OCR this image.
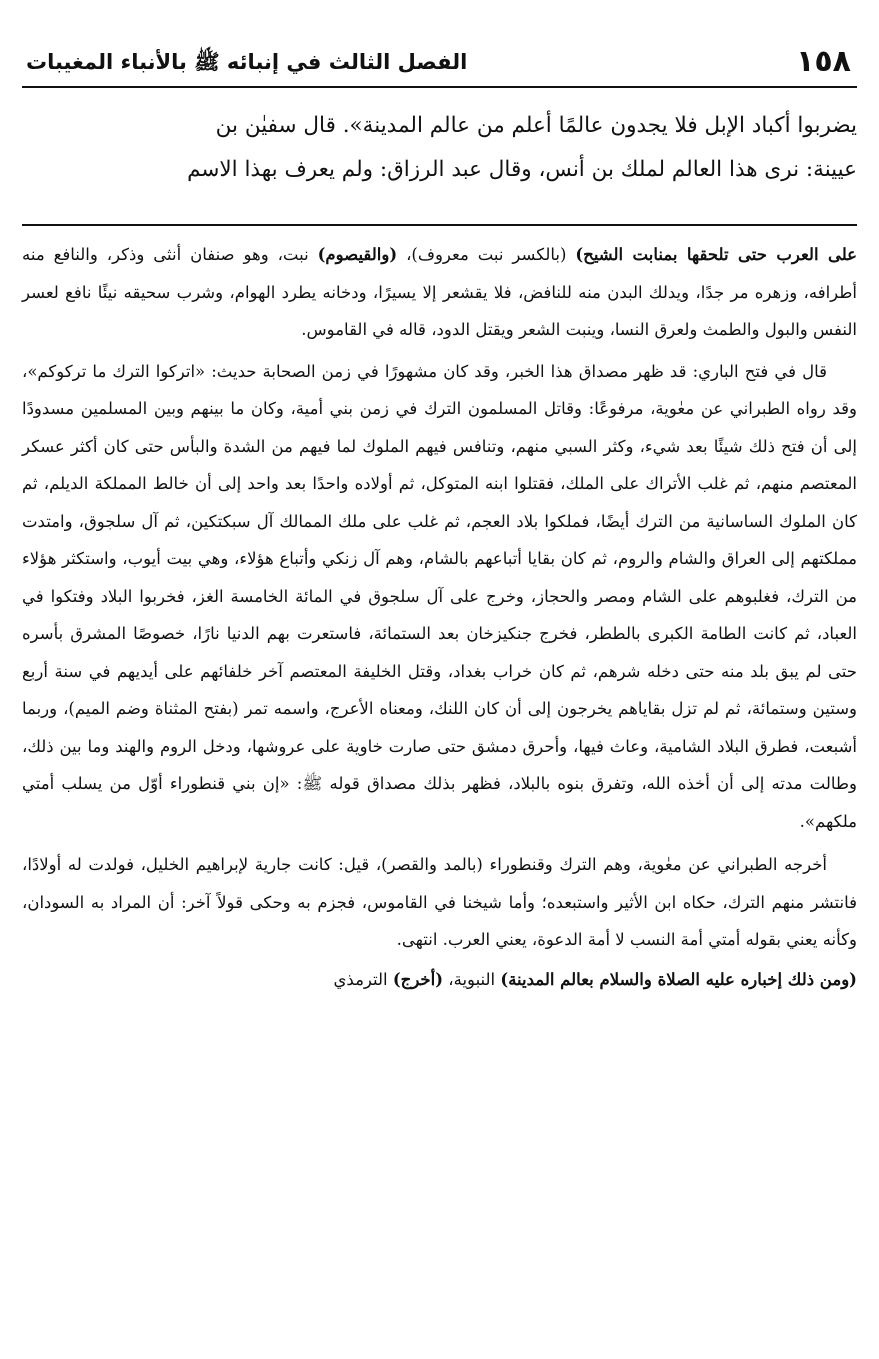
١٥٨
الفصل الثالث في إنبائه ﷺ بالأنباء المغيبات

يضربوا أكباد الإبل فلا يجدون عالمًا أعلم من عالم المدينة». قال سفيٰن بن
عيينة: نرى هذا العالم لملك بن أنس، وقال عبد الرزاق: ولم يعرف بهذا الاسم

على العرب حتى تلحقها بمنابت الشيح) (بالكسر نبت معروف)، (والقيصوم) نبت، وهو صنفان أنثى وذكر، والنافع منه أطرافه، وزهره مر جدًا، ويدلك البدن منه للنافض، فلا يقشعر إلا يسيرًا، ودخانه يطرد الهوام، وشرب سحيقه نيئًا نافع لعسر النفس والبول والطمث ولعرق النسا، وينبت الشعر ويقتل الدود، قاله في القاموس.

قال في فتح الباري: قد ظهر مصداق هذا الخبر، وقد كان مشهورًا في زمن الصحابة حديث: «اتركوا الترك ما تركوكم»، وقد رواه الطبراني عن معٰوية، مرفوعًا: وقاتل المسلمون الترك في زمن بني أمية، وكان ما بينهم وبين المسلمين مسدودًا إلى أن فتح ذلك شيئًا بعد شيء، وكثر السبي منهم، وتنافس فيهم الملوك لما فيهم من الشدة والبأس حتى كان أكثر عسكر المعتصم منهم، ثم غلب الأتراك على الملك، فقتلوا ابنه المتوكل، ثم أولاده واحدًا بعد واحد إلى أن خالط المملكة الديلم، ثم كان الملوك الساسانية من الترك أيضًا، فملكوا بلاد العجم، ثم غلب على ملك الممالك آل سبكتكين، ثم آل سلجوق، وامتدت مملكتهم إلى العراق والشام والروم، ثم كان بقايا أتباعهم بالشام، وهم آل زنكي وأتباع هؤلاء، وهي بيت أيوب، واستكثر هؤلاء من الترك، فغلبوهم على الشام ومصر والحجاز، وخرج على آل سلجوق في المائة الخامسة الغز، فخربوا البلاد وفتكوا في العباد، ثم كانت الطامة الكبرى بالططر، فخرج جنكيزخان بعد الستمائة، فاستعرت بهم الدنيا نارًا، خصوصًا المشرق بأسره حتى لم يبق بلد منه حتى دخله شرهم، ثم كان خراب بغداد، وقتل الخليفة المعتصم آخر خلفائهم على أيديهم في سنة أربع وستين وستمائة، ثم لم تزل بقاياهم يخرجون إلى أن كان اللنك، ومعناه الأعرج، واسمه تمر (بفتح المثناة وضم الميم)، وربما أشبعت، فطرق البلاد الشامية، وعاث فيها، وأحرق دمشق حتى صارت خاوية على عروشها، ودخل الروم والهند وما بين ذلك، وطالت مدته إلى أن أخذه الله، وتفرق بنوه بالبلاد، فظهر بذلك مصداق قوله ﷺ: «إن بني قنطوراء أوّل من يسلب أمتي ملكهم».

أخرجه الطبراني عن معٰوية، وهم الترك وقنطوراء (بالمد والقصر)، قيل: كانت جارية لإبراهيم الخليل، فولدت له أولادًا، فانتشر منهم الترك، حكاه ابن الأثير واستبعده؛ وأما شيخنا في القاموس، فجزم به وحكى قولاً آخر: أن المراد به السودان، وكأنه يعني بقوله أمتي أمة النسب لا أمة الدعوة، يعني العرب. انتهى.

(ومن ذلك إخباره عليه الصلاة والسلام بعالم المدينة) النبوية، (أخرج) الترمذي
